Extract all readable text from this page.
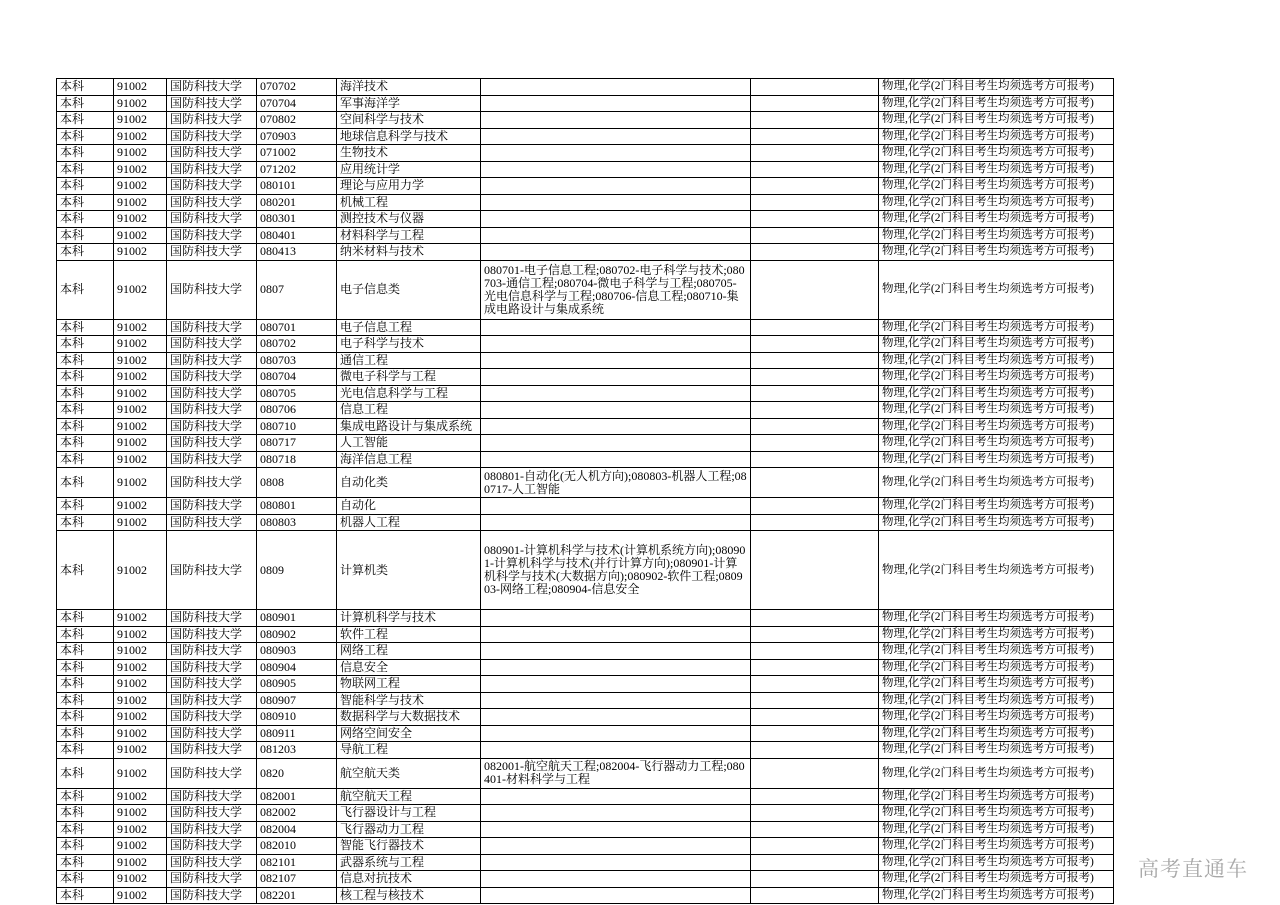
本科	91002	国防科技大学	070702	海洋技术			物理,化学(2门科目考生均须选考方可报考)
本科	91002	国防科技大学	070704	军事海洋学			物理,化学(2门科目考生均须选考方可报考)
本科	91002	国防科技大学	070802	空间科学与技术			物理,化学(2门科目考生均须选考方可报考)
本科	91002	国防科技大学	070903	地球信息科学与技术			物理,化学(2门科目考生均须选考方可报考)
本科	91002	国防科技大学	071002	生物技术			物理,化学(2门科目考生均须选考方可报考)
本科	91002	国防科技大学	071202	应用统计学			物理,化学(2门科目考生均须选考方可报考)
本科	91002	国防科技大学	080101	理论与应用力学			物理,化学(2门科目考生均须选考方可报考)
本科	91002	国防科技大学	080201	机械工程			物理,化学(2门科目考生均须选考方可报考)
本科	91002	国防科技大学	080301	测控技术与仪器			物理,化学(2门科目考生均须选考方可报考)
本科	91002	国防科技大学	080401	材料科学与工程			物理,化学(2门科目考生均须选考方可报考)
本科	91002	国防科技大学	080413	纳米材料与技术			物理,化学(2门科目考生均须选考方可报考)
本科	91002	国防科技大学	0807	电子信息类	080701-电子信息工程;080702-电子科学与技术;080703-通信工程;080704-微电子科学与工程;080705-光电信息科学与工程;080706-信息工程;080710-集成电路设计与集成系统		物理,化学(2门科目考生均须选考方可报考)
本科	91002	国防科技大学	080701	电子信息工程			物理,化学(2门科目考生均须选考方可报考)
本科	91002	国防科技大学	080702	电子科学与技术			物理,化学(2门科目考生均须选考方可报考)
本科	91002	国防科技大学	080703	通信工程			物理,化学(2门科目考生均须选考方可报考)
本科	91002	国防科技大学	080704	微电子科学与工程			物理,化学(2门科目考生均须选考方可报考)
本科	91002	国防科技大学	080705	光电信息科学与工程			物理,化学(2门科目考生均须选考方可报考)
本科	91002	国防科技大学	080706	信息工程			物理,化学(2门科目考生均须选考方可报考)
本科	91002	国防科技大学	080710	集成电路设计与集成系统			物理,化学(2门科目考生均须选考方可报考)
本科	91002	国防科技大学	080717	人工智能			物理,化学(2门科目考生均须选考方可报考)
本科	91002	国防科技大学	080718	海洋信息工程			物理,化学(2门科目考生均须选考方可报考)
本科	91002	国防科技大学	0808	自动化类	080801-自动化(无人机方向);080803-机器人工程;080717-人工智能		物理,化学(2门科目考生均须选考方可报考)
本科	91002	国防科技大学	080801	自动化			物理,化学(2门科目考生均须选考方可报考)
本科	91002	国防科技大学	080803	机器人工程			物理,化学(2门科目考生均须选考方可报考)
本科	91002	国防科技大学	0809	计算机类	080901-计算机科学与技术(计算机系统方向);080901-计算机科学与技术(并行计算方向);080901-计算机科学与技术(大数据方向);080902-软件工程;080903-网络工程;080904-信息安全		物理,化学(2门科目考生均须选考方可报考)
本科	91002	国防科技大学	080901	计算机科学与技术			物理,化学(2门科目考生均须选考方可报考)
本科	91002	国防科技大学	080902	软件工程			物理,化学(2门科目考生均须选考方可报考)
本科	91002	国防科技大学	080903	网络工程			物理,化学(2门科目考生均须选考方可报考)
本科	91002	国防科技大学	080904	信息安全			物理,化学(2门科目考生均须选考方可报考)
本科	91002	国防科技大学	080905	物联网工程			物理,化学(2门科目考生均须选考方可报考)
本科	91002	国防科技大学	080907	智能科学与技术			物理,化学(2门科目考生均须选考方可报考)
本科	91002	国防科技大学	080910	数据科学与大数据技术			物理,化学(2门科目考生均须选考方可报考)
本科	91002	国防科技大学	080911	网络空间安全			物理,化学(2门科目考生均须选考方可报考)
本科	91002	国防科技大学	081203	导航工程			物理,化学(2门科目考生均须选考方可报考)
本科	91002	国防科技大学	0820	航空航天类	082001-航空航天工程;082004-飞行器动力工程;080401-材料科学与工程		物理,化学(2门科目考生均须选考方可报考)
本科	91002	国防科技大学	082001	航空航天工程			物理,化学(2门科目考生均须选考方可报考)
本科	91002	国防科技大学	082002	飞行器设计与工程			物理,化学(2门科目考生均须选考方可报考)
本科	91002	国防科技大学	082004	飞行器动力工程			物理,化学(2门科目考生均须选考方可报考)
本科	91002	国防科技大学	082010	智能飞行器技术			物理,化学(2门科目考生均须选考方可报考)
本科	91002	国防科技大学	082101	武器系统与工程			物理,化学(2门科目考生均须选考方可报考)
本科	91002	国防科技大学	082107	信息对抗技术			物理,化学(2门科目考生均须选考方可报考)
本科	91002	国防科技大学	082201	核工程与核技术			物理,化学(2门科目考生均须选考方可报考)
高考直通车
